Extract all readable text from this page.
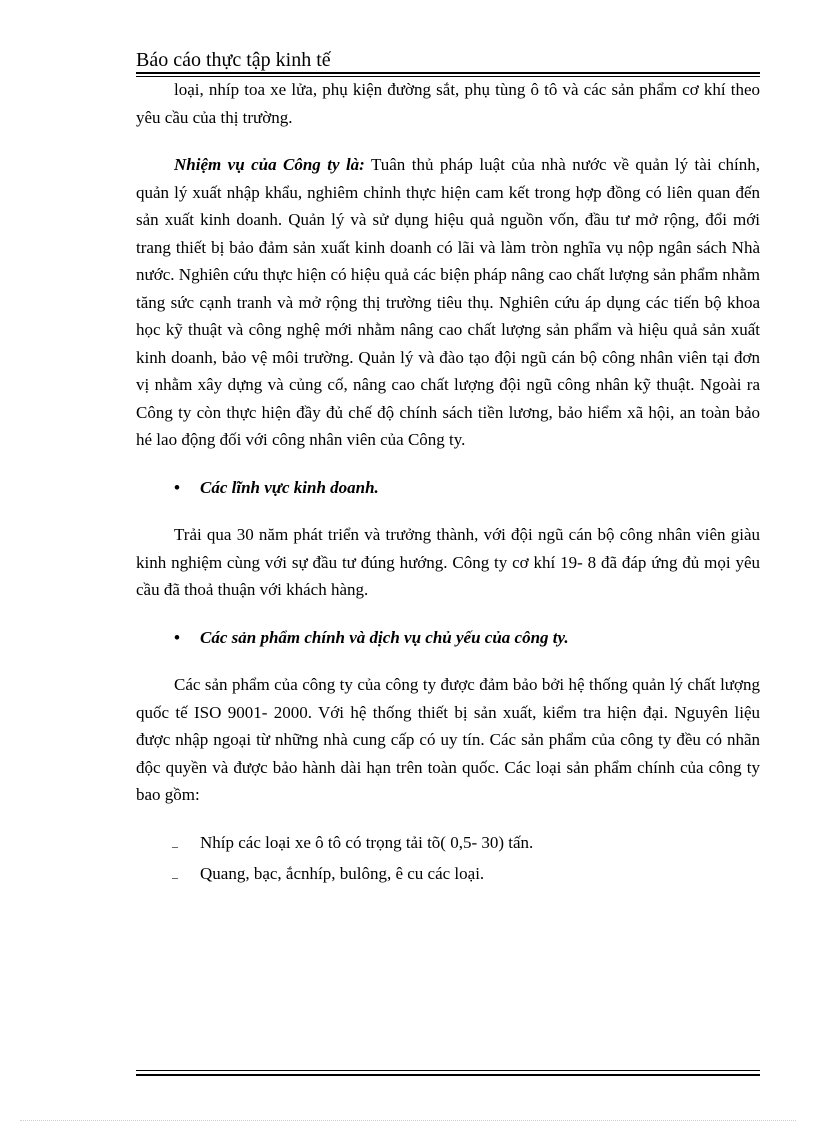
Báo cáo thực tập kinh tế

loại, nhíp toa xe lửa, phụ kiện đường sắt, phụ tùng ô tô và các sản phẩm cơ khí theo yêu cầu của thị trường.

Nhiệm vụ của Công ty là: Tuân thủ pháp luật của nhà nước về quản lý tài chính, quản lý xuất nhập khẩu, nghiêm chỉnh thực hiện cam kết trong hợp đồng có liên quan đến sản xuất kinh doanh. Quản lý và sử dụng hiệu quả nguồn vốn, đầu tư mở rộng, đổi mới trang thiết bị bảo đảm sản xuất kinh doanh có lãi và làm tròn nghĩa vụ nộp ngân sách Nhà nước. Nghiên cứu thực hiện có hiệu quả các biện pháp nâng cao chất lượng sản phẩm nhằm tăng sức cạnh tranh và mở rộng thị trường tiêu thụ. Nghiên cứu áp dụng các tiến bộ khoa học kỹ thuật và công nghệ mới nhằm nâng cao chất lượng sản phẩm và hiệu quả sản xuất kinh doanh, bảo vệ môi trường. Quản lý và đào tạo đội ngũ cán bộ công nhân viên tại đơn vị nhằm xây dựng và củng cố, nâng cao chất lượng đội ngũ công nhân kỹ thuật. Ngoài ra Công ty còn thực hiện đầy đủ chế độ chính sách tiền lương, bảo hiểm xã hội, an toàn bảo hé lao động đối với công nhân viên của Công ty.

• Các lĩnh vực kinh doanh.

Trải qua 30 năm phát triển và trưởng thành, với đội ngũ cán bộ công nhân viên giàu kinh nghiệm cùng với sự đầu tư đúng hướng. Công ty cơ khí 19- 8 đã đáp ứng đủ mọi yêu cầu đã thoả thuận với khách hàng.

• Các sản phẩm chính và dịch vụ chủ yếu của công ty.

Các sản phẩm của công ty của công ty được đảm bảo bởi hệ thống quản lý chất lượng quốc tế ISO 9001- 2000. Với hệ thống thiết bị sản xuất, kiểm tra hiện đại. Nguyên liệu được nhập ngoại từ những nhà cung cấp có uy tín. Các sản phẩm của công ty đều có nhãn độc quyền và được bảo hành dài hạn trên toàn quốc. Các loại sản phẩm chính của công ty bao gồm:

– Nhíp các loại xe ô tô có trọng tải tõ( 0,5- 30) tấn.

– Quang, bạc, ắcnhíp, bulông, ê cu các loại.
